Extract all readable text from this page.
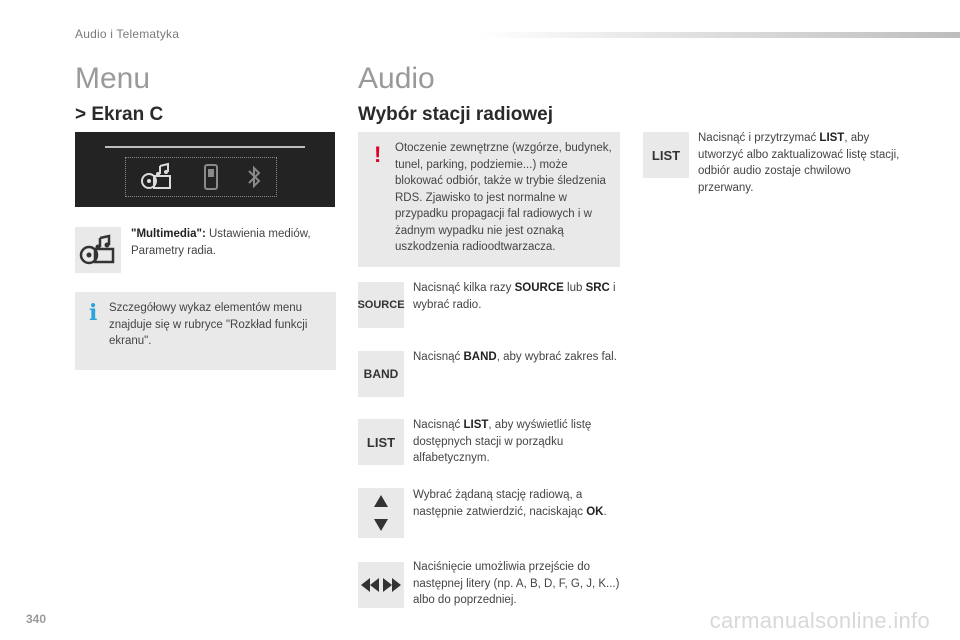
Audio i Telematyka
Menu
> Ekran C
"Multimedia": Ustawienia mediów, Parametry radia.
i Szczegółowy wykaz elementów menu znajduje się w rubryce "Rozkład funkcji ekranu".
Audio
Wybór stacji radiowej
! Otoczenie zewnętrzne (wzgórze, budynek, tunel, parking, podziemie...) może blokować odbiór, także w trybie śledzenia RDS. Zjawisko to jest normalne w przypadku propagacji fal radiowych i w żadnym wypadku nie jest oznaką uszkodzenia radioodtwarzacza.
SOURCE
Nacisnąć kilka razy SOURCE lub SRC i wybrać radio.
BAND
Nacisnąć BAND, aby wybrać zakres fal.
LIST
Nacisnąć LIST, aby wyświetlić listę dostępnych stacji w porządku alfabetycznym.
Wybrać żądaną stację radiową, a następnie zatwierdzić, naciskając OK.
Naciśnięcie umożliwia przejście do następnej litery (np. A, B, D, F, G, J, K...) albo do poprzedniej.
LIST
Nacisnąć i przytrzymać LIST, aby utworzyć albo zaktualizować listę stacji, odbiór audio zostaje chwilowo przerwany.
340	carmanualsonline.info
